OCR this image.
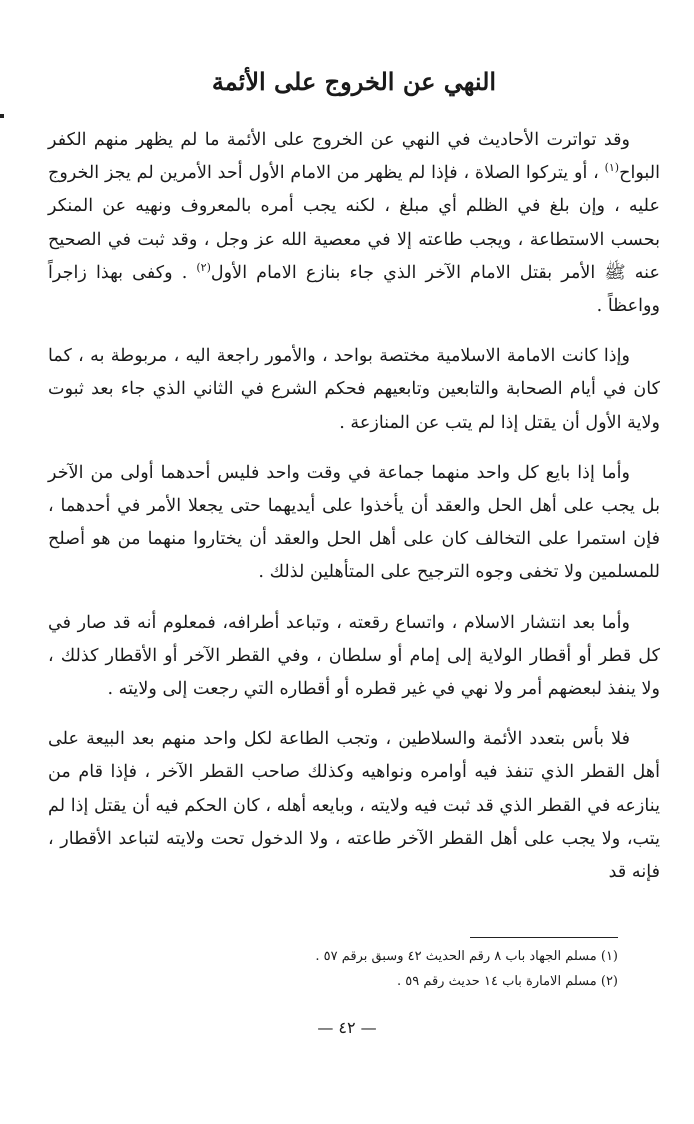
النهي عن الخروج على الأئمة

وقد تواترت الأحاديث في النهي عن الخروج على الأئمة ما لم يظهر منهم الكفر البواح$^{(١)}$ ، أو يتركوا الصلاة ، فإذا لم يظهر من الامام الأول أحد الأمرين لم يجز الخروج عليه ، وإن بلغ في الظلم أي مبلغ ، لكنه يجب أمره بالمعروف ونهيه عن المنكر بحسب الاستطاعة ، ويجب طاعته إلا في معصية الله عز وجل ، وقد ثبت في الصحيح عنه ﷺ الأمر بقتل الامام الآخر الذي جاء بنازع الامام الأول$^{(٢)}$ . وكفى بهذا زاجراً وواعظاً .

وإذا كانت الامامة الاسلامية مختصة بواحد ، والأمور راجعة اليه ، مربوطة به ، كما كان في أيام الصحابة والتابعين وتابعيهم فحكم الشرع في الثاني الذي جاء بعد ثبوت ولاية الأول أن يقتل إذا لم يتب عن المنازعة .

وأما إذا بايع كل واحد منهما جماعة في وقت واحد فليس أحدهما أولى من الآخر بل يجب على أهل الحل والعقد أن يأخذوا على أيديهما حتى يجعلا الأمر في أحدهما ، فإن استمرا على التخالف كان على أهل الحل والعقد أن يختاروا منهما من هو أصلح للمسلمين ولا تخفى وجوه الترجيح على المتأهلين لذلك .

وأما بعد انتشار الاسلام ، واتساع رقعته ، وتباعد أطرافه، فمعلوم أنه قد صار في كل قطر أو أقطار الولاية إلى إمام أو سلطان ، وفي القطر الآخر أو الأقطار كذلك ، ولا ينفذ لبعضهم أمر ولا نهي في غير قطره أو أقطاره التي رجعت إلى ولايته .

فلا بأس بتعدد الأئمة والسلاطين ، وتجب الطاعة لكل واحد منهم بعد البيعة على أهل القطر الذي تنفذ فيه أوامره ونواهيه وكذلك صاحب القطر الآخر ، فإذا قام من ينازعه في القطر الذي قد ثبت فيه ولايته ، وبايعه أهله ، كان الحكم فيه أن يقتل إذا لم يتب، ولا يجب على أهل القطر الآخر طاعته ، ولا الدخول تحت ولايته لتباعد الأقطار ، فإنه قد

(١) مسلم الجهاد باب ٨ رقم الحديث ٤٢ وسبق برقم ٥٧ .
(٢) مسلم الامارة باب ١٤ حديث رقم ٥٩ .
— ٤٢ —
